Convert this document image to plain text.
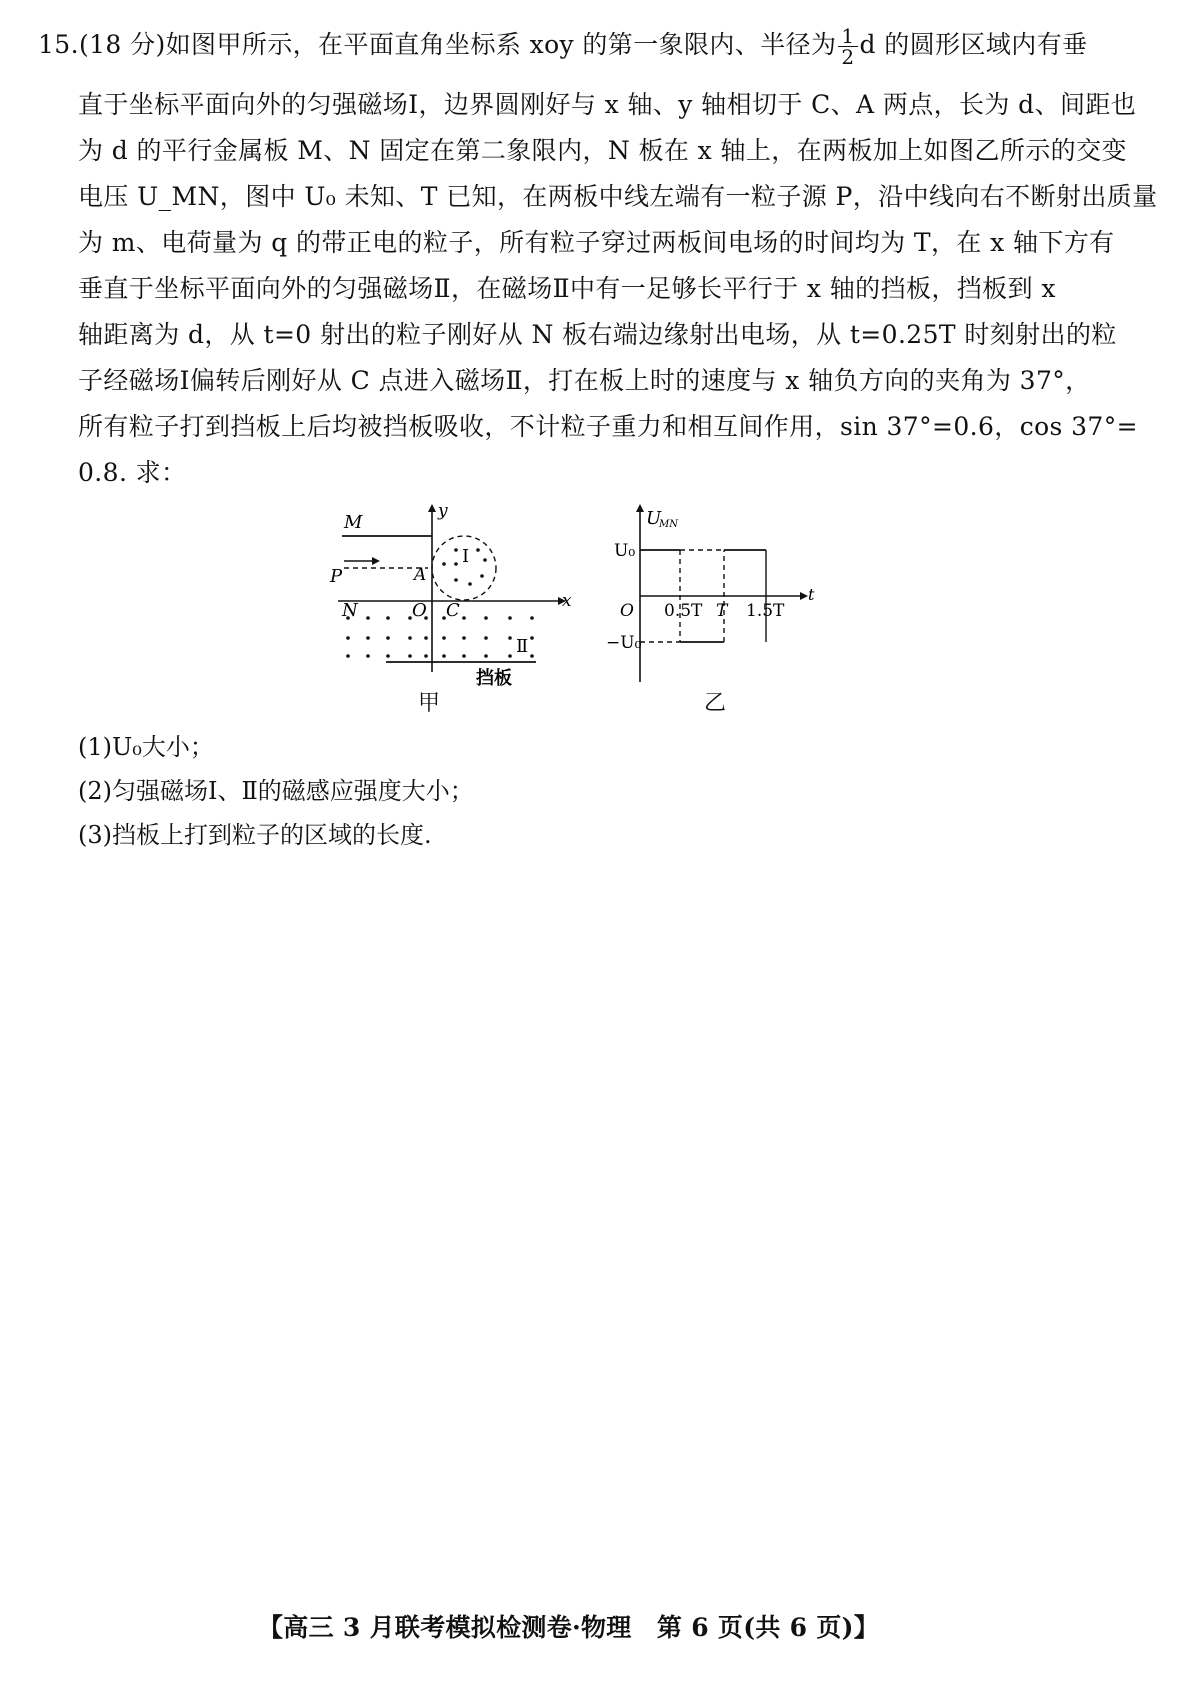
15.(18 分)如图甲所示，在平面直角坐标系 xoy 的第一象限内、半径为 $\frac{1}{2}$ d 的圆形区域内有垂
直于坐标平面向外的匀强磁场Ⅰ，边界圆刚好与 x 轴、y 轴相切于 C、A 两点，长为 d、间距也
为 d 的平行金属板 M、N 固定在第二象限内，N 板在 x 轴上，在两板加上如图乙所示的交变
电压 U_MN，图中 U₀ 未知、T 已知，在两板中线左端有一粒子源 P，沿中线向右不断射出质量
为 m、电荷量为 q 的带正电的粒子，所有粒子穿过两板间电场的时间均为 T，在 x 轴下方有
垂直于坐标平面向外的匀强磁场Ⅱ，在磁场Ⅱ中有一足够长平行于 x 轴的挡板，挡板到 x
轴距离为 d，从 t=0 射出的粒子刚好从 N 板右端边缘射出电场，从 t=0.25T 时刻射出的粒
子经磁场Ⅰ偏转后刚好从 C 点进入磁场Ⅱ，打在板上时的速度与 x 轴负方向的夹角为 37°，
所有粒子打到挡板上后均被挡板吸收，不计粒子重力和相互间作用，sin 37°=0.6，cos 37°=
0.8. 求：
M
P	A
N	O C	x
y
Ⅰ
Ⅱ
挡板
甲
U
MN
t
U₀
−U₀
O 0.5T T 1.5T
乙
(1)U₀大小；
(2)匀强磁场Ⅰ、Ⅱ的磁感应强度大小；
(3)挡板上打到粒子的区域的长度.
【高三 3 月联考模拟检测卷·物理　第 6 页(共 6 页)】
